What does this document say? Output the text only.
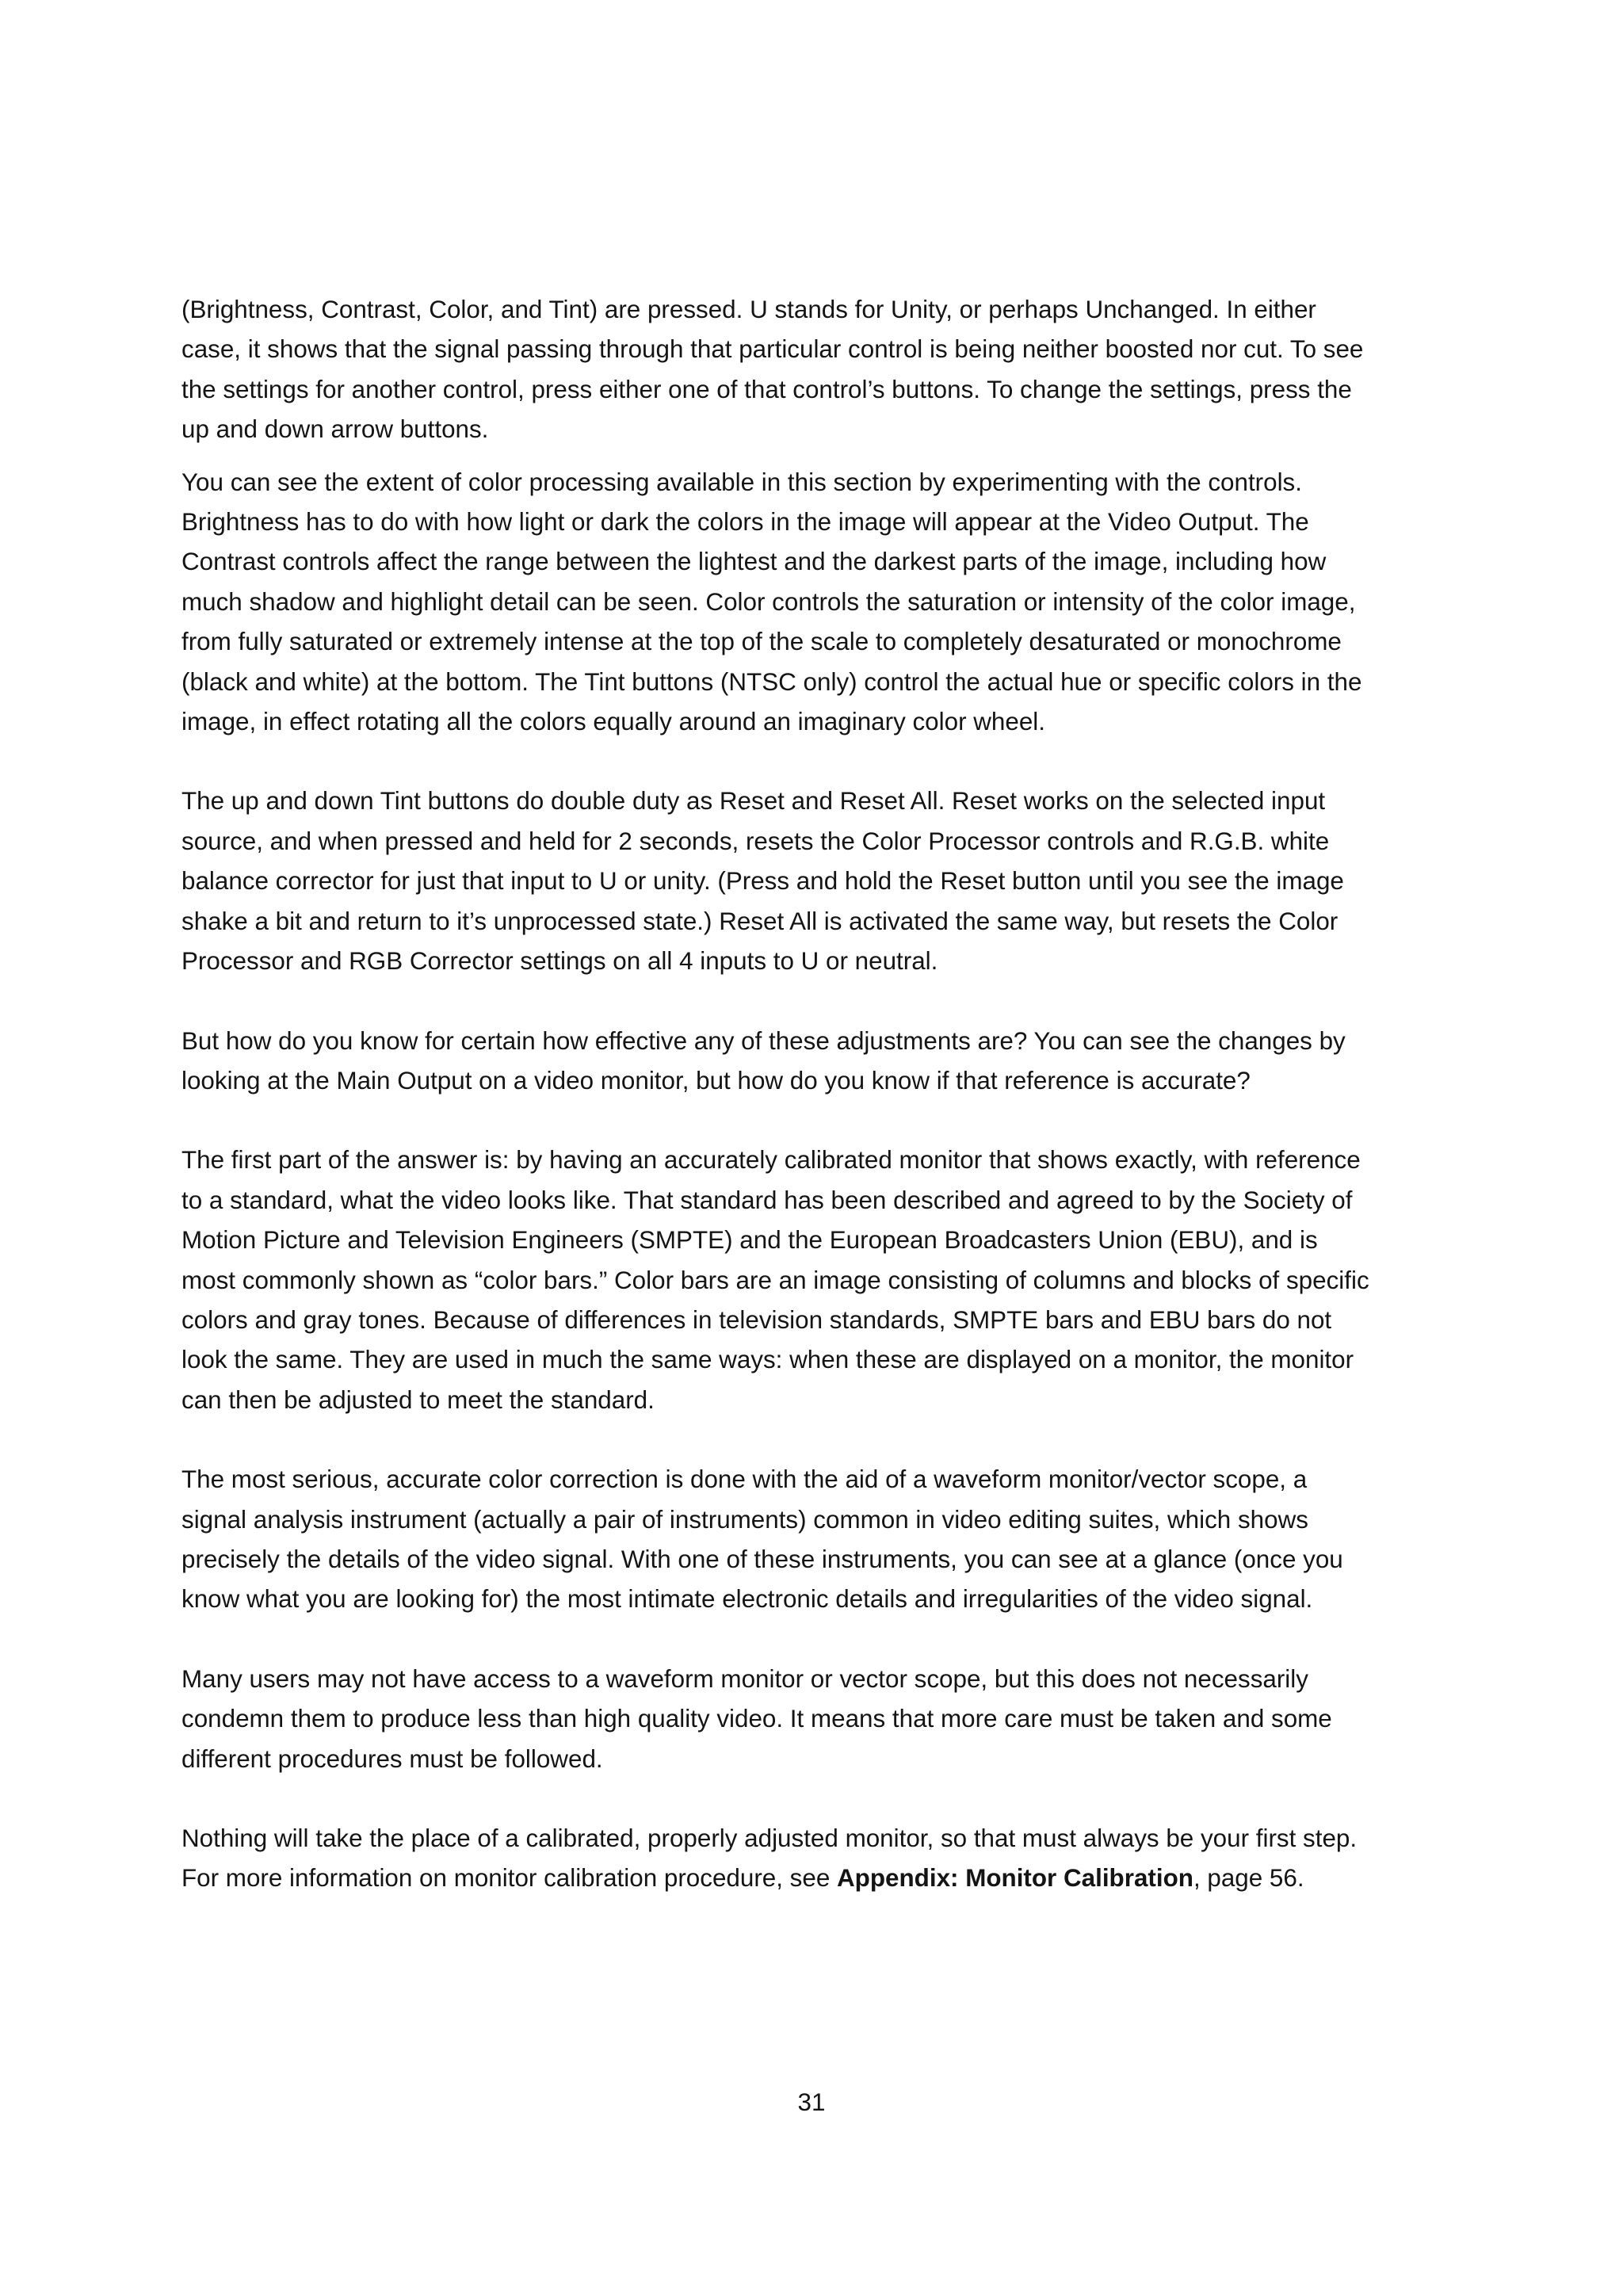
(Brightness, Contrast, Color, and Tint) are pressed. U stands for Unity, or perhaps Unchanged. In either
case, it shows that the signal passing through that particular control is being neither boosted nor cut. To see
the settings for another control, press either one of that control’s buttons. To change the settings, press the
up and down arrow buttons.

You can see the extent of color processing available in this section by experimenting with the controls.
Brightness has to do with how light or dark the colors in the image will appear at the Video Output. The
Contrast controls affect the range between the lightest and the darkest parts of the image, including how
much shadow and highlight detail can be seen. Color controls the saturation or intensity of the color image,
from fully saturated or extremely intense at the top of the scale to completely desaturated or monochrome
(black and white) at the bottom. The Tint buttons (NTSC only) control the actual hue or specific colors in the
image, in effect rotating all the colors equally around an imaginary color wheel.

The up and down Tint buttons do double duty as Reset and Reset All. Reset works on the selected input
source, and when pressed and held for 2 seconds, resets the Color Processor controls and R.G.B. white
balance corrector for just that input to U or unity. (Press and hold the Reset button until you see the image
shake a bit and return to it’s unprocessed state.) Reset All is activated the same way, but resets the Color
Processor and RGB Corrector settings on all 4 inputs to U or neutral.

But how do you know for certain how effective any of these adjustments are? You can see the changes by
looking at the Main Output on a video monitor, but how do you know if that reference is accurate?

The first part of the answer is: by having an accurately calibrated monitor that shows exactly, with reference
to a standard, what the video looks like. That standard has been described and agreed to by the Society of
Motion Picture and Television Engineers (SMPTE) and the European Broadcasters Union (EBU), and is
most commonly shown as “color bars.” Color bars are an image consisting of columns and blocks of specific
colors and gray tones. Because of differences in television standards, SMPTE bars and EBU bars do not
look the same. They are used in much the same ways: when these are displayed on a monitor, the monitor
can then be adjusted to meet the standard.

The most serious, accurate color correction is done with the aid of a waveform monitor/vector scope, a
signal analysis instrument (actually a pair of instruments) common in video editing suites, which shows
precisely the details of the video signal. With one of these instruments, you can see at a glance (once you
know what you are looking for) the most intimate electronic details and irregularities of the video signal.

Many users may not have access to a waveform monitor or vector scope, but this does not necessarily
condemn them to produce less than high quality video. It means that more care must be taken and some
different procedures must be followed.

Nothing will take the place of a calibrated, properly adjusted monitor, so that must always be your first step.
For more information on monitor calibration procedure, see Appendix: Monitor Calibration, page 56.

31
